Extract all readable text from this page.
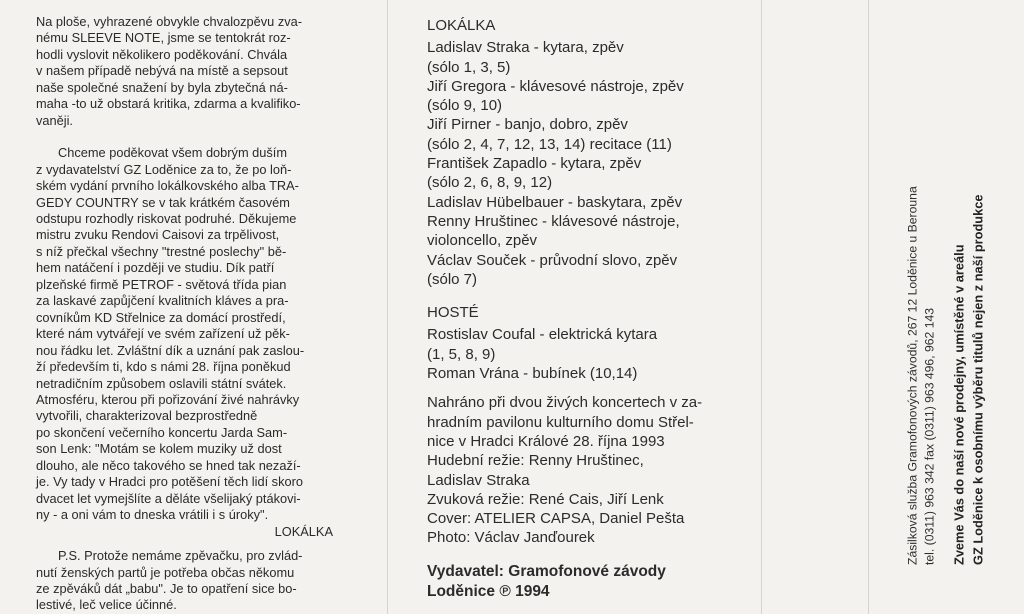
Na ploše, vyhrazené obvykle chvalozpěvu zva-
nému SLEEVE NOTE, jsme se tentokrát roz-
hodli vyslovit několikero poděkování. Chvála
v našem případě nebývá na místě a sepsout
naše společné snažení by byla zbytečná ná-
maha -to už obstará kritika, zdarma a kvalifiko-
vaněji.
Chceme poděkovat všem dobrým duším
z vydavatelství GZ Loděnice za to, že po loň-
ském vydání prvního lokálkovského alba TRA-
GEDY COUNTRY se v tak krátkém časovém
odstupu rozhodly riskovat podruhé. Děkujeme
mistru zvuku Rendovi Caisovi za trpělivost,
s níž přečkal všechny "trestné poslechy" bě-
hem natáčení i později ve studiu. Dík patří
plzeňské firmě PETROF - světová třída pian
za laskavé zapůjčení kvalitních kláves a pra-
covníkům KD Střelnice za domácí prostředí,
které nám vytvářejí ve svém zařízení už pěk-
nou řádku let. Zvláštní dík a uznání pak zaslou-
ží především ti, kdo s námi 28. října poněkud
netradičním způsobem oslavili státní svátek.
Atmosféru, kterou při pořizování živé nahrávky
vytvořili, charakterizoval bezprostředně
po skončení večerního koncertu Jarda Sam-
son Lenk: "Motám se kolem muziky už dost
dlouho, ale něco takového se hned tak nezaží-
je. Vy tady v Hradci pro potěšení těch lidí skoro
dvacet let vymejšlíte a děláte všelijaký ptákovi-
ny - a oni vám to dneska vrátili i s úroky".
LOKÁLKA
P.S. Protože nemáme zpěvačku, pro zvlád-
nutí ženských partů je potřeba občas někomu
ze zpěváků dát „babu". Je to opatření sice bo-
lestivé, leč velice účinné.
LOKÁLKA
Ladislav Straka - kytara, zpěv
(sólo 1, 3, 5)
Jiří Gregora - klávesové nástroje, zpěv
(sólo 9, 10)
Jiří Pirner - banjo, dobro, zpěv
(sólo 2, 4, 7, 12, 13, 14) recitace (11)
František Zapadlo - kytara, zpěv
(sólo 2, 6, 8, 9, 12)
Ladislav Hübelbauer - baskytara, zpěv
Renny Hruštinec - klávesové nástroje,
violoncello, zpěv
Václav Souček - průvodní slovo, zpěv
(sólo 7)
HOSTÉ
Rostislav Coufal - elektrická kytara
(1, 5, 8, 9)
Roman Vrána - bubínek (10,14)
Nahráno při dvou živých koncertech v za-
hradním pavilonu kulturního domu Střel-
nice v Hradci Králové 28. října 1993
Hudební režie: Renny Hruštinec,
Ladislav Straka
Zvuková režie: René Cais, Jiří Lenk
Cover: ATELIER CAPSA, Daniel Pešta
Photo: Václav Janďourek
Vydavatel: Gramofonové závody
Loděnice ℗ 1994
Zásilková služba Gramofonových závodů, 267 12 Loděnice u Berouna tel. (0311) 963 342 fax (0311) 963 496, 962 143 Zveme Vás do naší nové prodejny, umístěné v areálu GZ Loděnice k osobnímu výběru titulů nejen z naší produkce
